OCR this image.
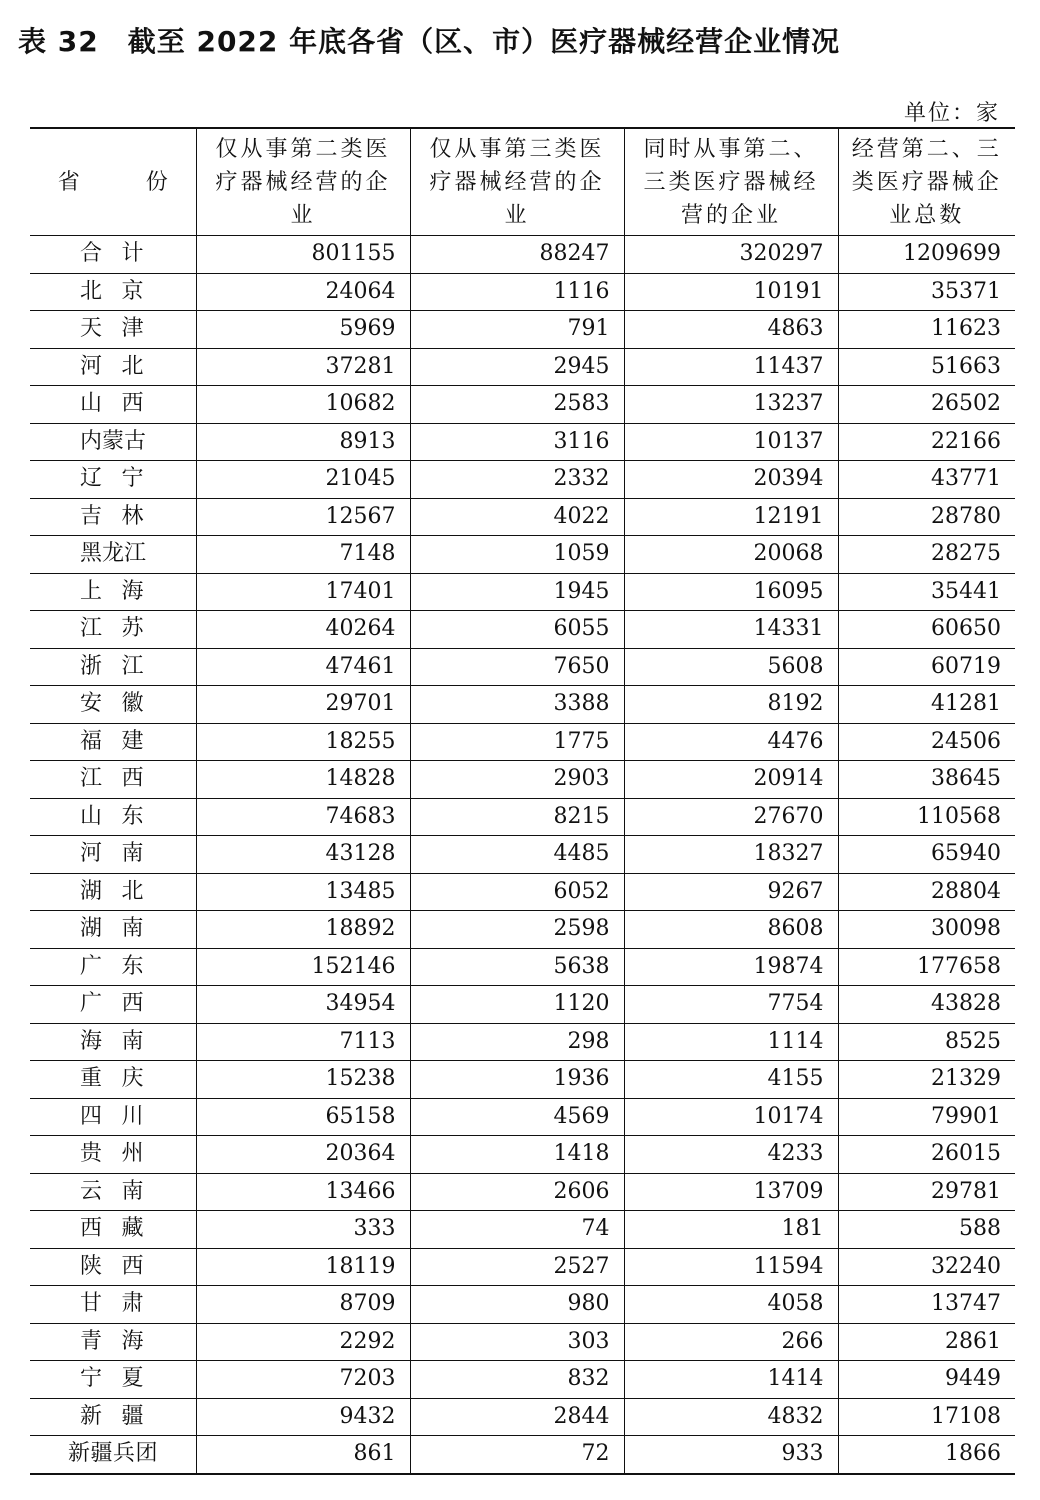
表 32　截至 2022 年底各省（区、市）医疗器械经营企业情况
单位：家
省　份	仅从事第二类医疗器械经营的企业	仅从事第三类医疗器械经营的企业	同时从事第二、三类医疗器械经营的企业	经营第二、三类医疗器械企业总数
合计	801155	88247	320297	1209699
北京	24064	1116	10191	35371
天津	5969	791	4863	11623
河北	37281	2945	11437	51663
山西	10682	2583	13237	26502
内蒙古	8913	3116	10137	22166
辽宁	21045	2332	20394	43771
吉林	12567	4022	12191	28780
黑龙江	7148	1059	20068	28275
上海	17401	1945	16095	35441
江苏	40264	6055	14331	60650
浙江	47461	7650	5608	60719
安徽	29701	3388	8192	41281
福建	18255	1775	4476	24506
江西	14828	2903	20914	38645
山东	74683	8215	27670	110568
河南	43128	4485	18327	65940
湖北	13485	6052	9267	28804
湖南	18892	2598	8608	30098
广东	152146	5638	19874	177658
广西	34954	1120	7754	43828
海南	7113	298	1114	8525
重庆	15238	1936	4155	21329
四川	65158	4569	10174	79901
贵州	20364	1418	4233	26015
云南	13466	2606	13709	29781
西藏	333	74	181	588
陕西	18119	2527	11594	32240
甘肃	8709	980	4058	13747
青海	2292	303	266	2861
宁夏	7203	832	1414	9449
新疆	9432	2844	4832	17108
新疆兵团	861	72	933	1866
